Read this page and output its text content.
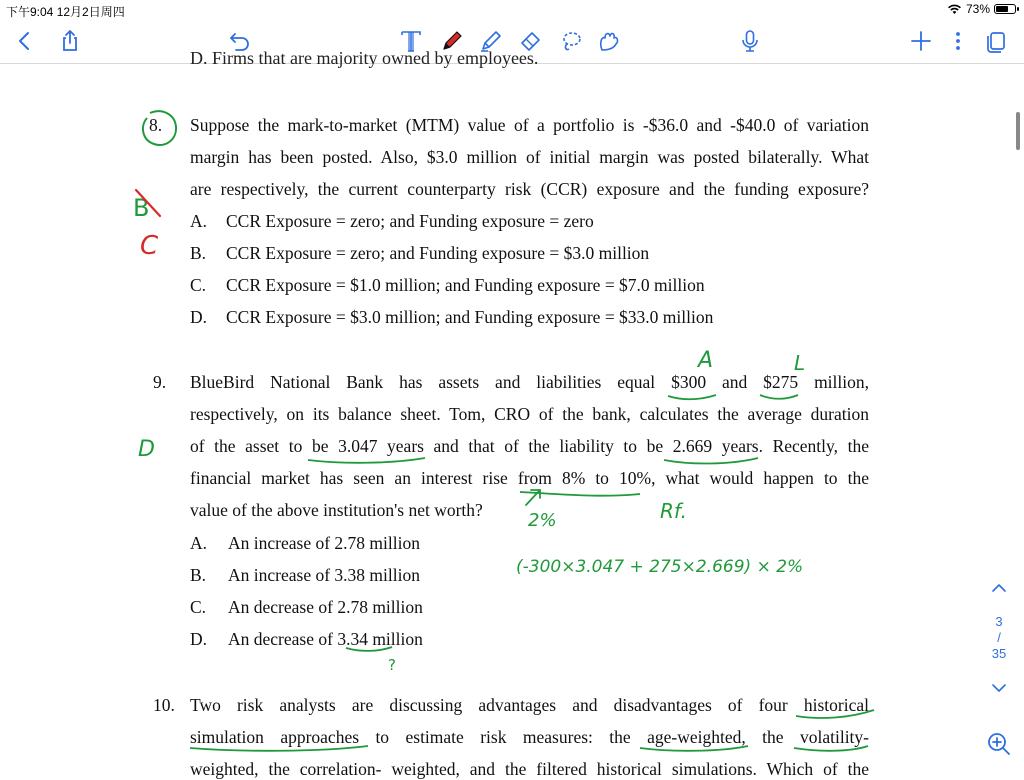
下午9:04 12月2日周四	73%
D. Firms that are majority owned by employees.
8. Suppose the mark-to-market (MTM) value of a portfolio is -$36.0 and -$40.0 of variation
margin has been posted. Also, $3.0 million of initial margin was posted bilaterally. What
are respectively, the current counterparty risk (CCR) exposure and the funding exposure?
A. CCR Exposure = zero; and Funding exposure = zero
B. CCR Exposure = zero; and Funding exposure = $3.0 million
C. CCR Exposure = $1.0 million; and Funding exposure = $7.0 million
D. CCR Exposure = $3.0 million; and Funding exposure = $33.0 million
9. BlueBird National Bank has assets and liabilities equal $300 and $275 million,
respectively, on its balance sheet. Tom, CRO of the bank, calculates the average duration
of the asset to be 3.047 years and that of the liability to be 2.669 years. Recently, the
financial market has seen an interest rise from 8% to 10%, what would happen to the
value of the above institution's net worth?
A. An increase of 2.78 million
B. An increase of 3.38 million
C. An decrease of 2.78 million
D. An decrease of 3.34 million
10. Two risk analysts are discussing advantages and disadvantages of four historical
simulation approaches to estimate risk measures: the age-weighted, the volatility-
weighted, the correlation- weighted, and the filtered historical simulations. Which of the
B
C
D
A	L
2%	Rf.
(-300×3.047 + 275×2.669) × 2%
?
3
/
35
